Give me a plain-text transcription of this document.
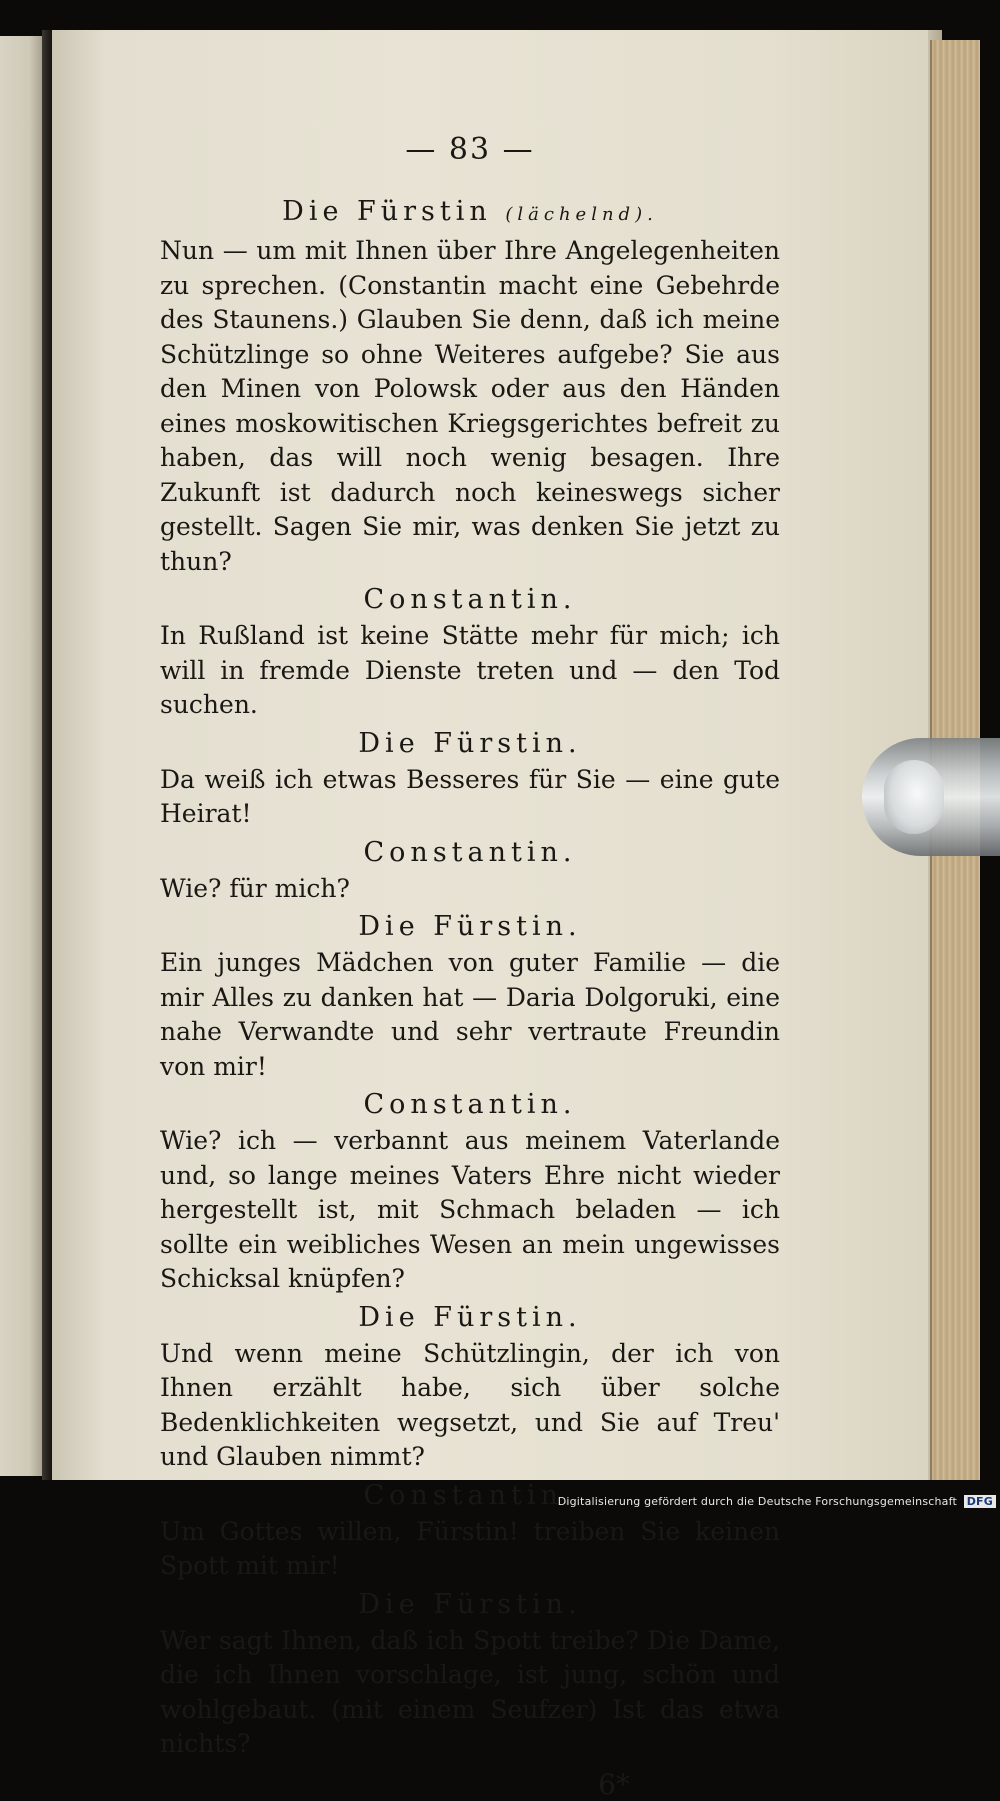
— 83 —
Die Fürstin (lächelnd).

Nun — um mit Ihnen über Ihre Angelegenheiten zu sprechen. (Constantin macht eine Gebehrde des Staunens.) Glauben Sie denn, daß ich meine Schützlinge so ohne Weiteres aufgebe? Sie aus den Minen von Polowsk oder aus den Händen eines moskowitischen Kriegsgerichtes befreit zu haben, das will noch wenig besagen. Ihre Zukunft ist dadurch noch keineswegs sicher gestellt. Sagen Sie mir, was denken Sie jetzt zu thun?

Constantin.

In Rußland ist keine Stätte mehr für mich; ich will in fremde Dienste treten und — den Tod suchen.

Die Fürstin.

Da weiß ich etwas Besseres für Sie — eine gute Heirat!

Constantin.

Wie? für mich?

Die Fürstin.

Ein junges Mädchen von guter Familie — die mir Alles zu danken hat — Daria Dolgoruki, eine nahe Verwandte und sehr vertraute Freundin von mir!

Constantin.

Wie? ich — verbannt aus meinem Vaterlande und, so lange meines Vaters Ehre nicht wieder hergestellt ist, mit Schmach beladen — ich sollte ein weibliches Wesen an mein ungewisses Schicksal knüpfen?

Die Fürstin.

Und wenn meine Schützlingin, der ich von Ihnen erzählt habe, sich über solche Bedenklichkeiten wegsetzt, und Sie auf Treu' und Glauben nimmt?

Constantin.

Um Gottes willen, Fürstin! treiben Sie keinen Spott mit mir!

Die Fürstin.

Wer sagt Ihnen, daß ich Spott treibe? Die Dame, die ich Ihnen vorschlage, ist jung, schön und wohlgebaut. (mit einem Seufzer) Ist das etwa nichts?

6*
Digitalisierung gefördert durch die Deutsche Forschungsgemeinschaft DFG
